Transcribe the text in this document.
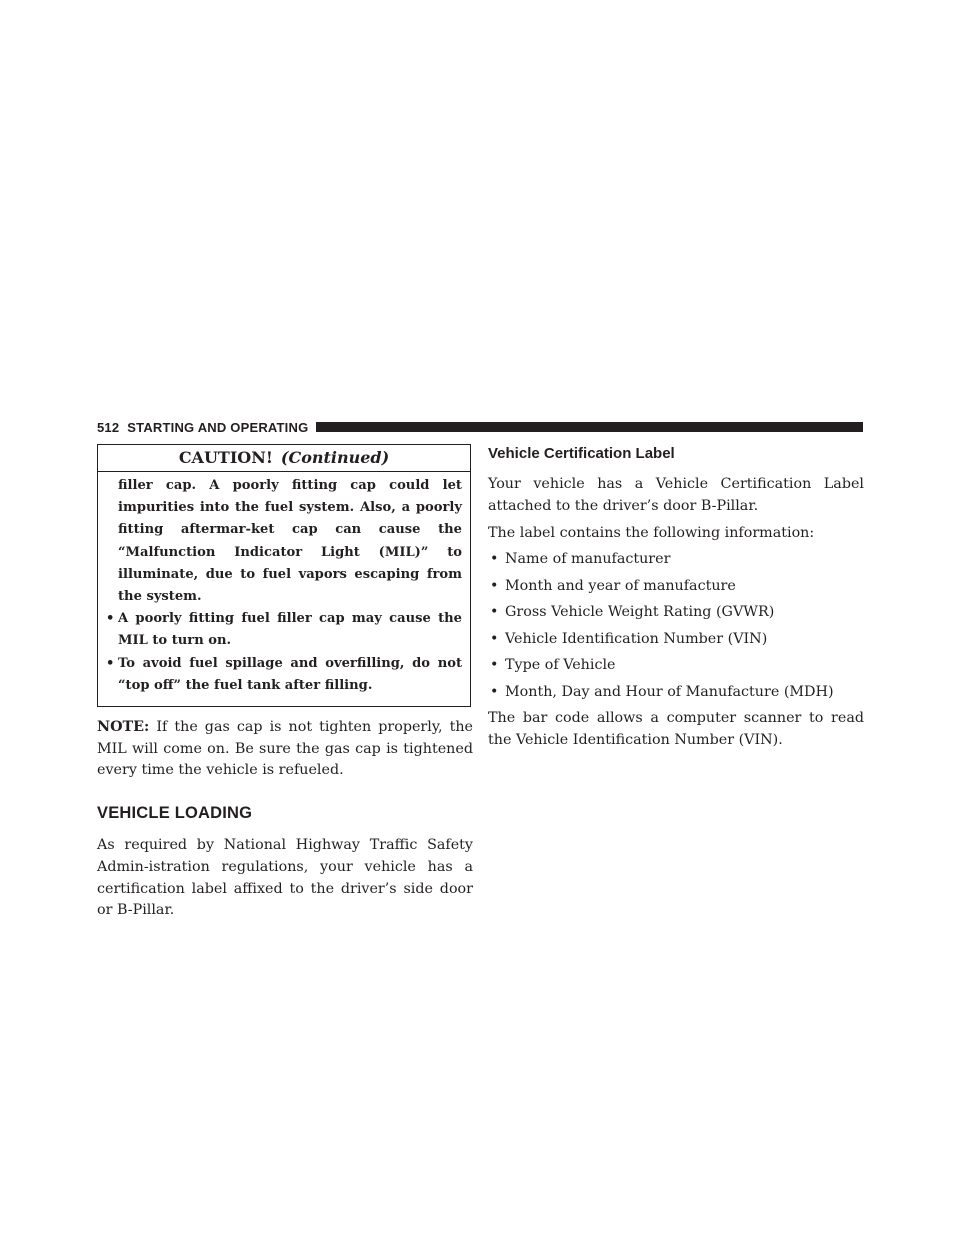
512 STARTING AND OPERATING
CAUTION! (Continued)

filler cap. A poorly fitting cap could let impurities into the fuel system. Also, a poorly fitting aftermar-ket cap can cause the “Malfunction Indicator Light (MIL)” to illuminate, due to fuel vapors escaping from the system.

• A poorly fitting fuel filler cap may cause the MIL to turn on.
• To avoid fuel spillage and overfilling, do not “top off” the fuel tank after filling.

NOTE: If the gas cap is not tighten properly, the MIL will come on. Be sure the gas cap is tightened every time the vehicle is refueled.

VEHICLE LOADING

As required by National Highway Traffic Safety Admin-istration regulations, your vehicle has a certification label affixed to the driver’s side door or B-Pillar.

Vehicle Certification Label

Your vehicle has a Vehicle Certification Label attached to the driver’s door B-Pillar.

The label contains the following information:

• Name of manufacturer
• Month and year of manufacture
• Gross Vehicle Weight Rating (GVWR)
• Vehicle Identification Number (VIN)
• Type of Vehicle
• Month, Day and Hour of Manufacture (MDH)

The bar code allows a computer scanner to read the Vehicle Identification Number (VIN).
